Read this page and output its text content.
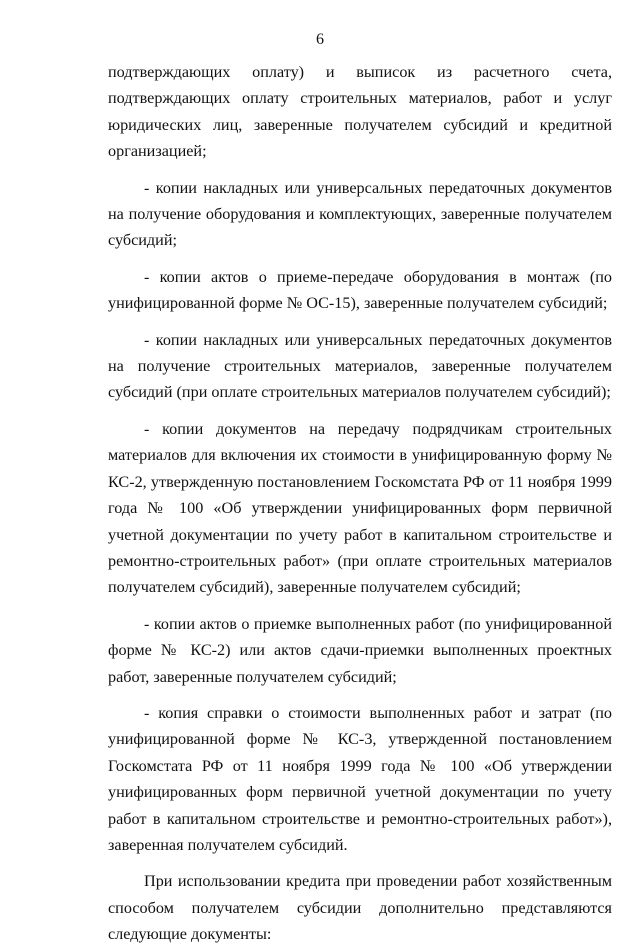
6

подтверждающих оплату) и выписок из расчетного счета, подтверждающих оплату строительных материалов, работ и услуг юридических лиц, заверенные получателем субсидий и кредитной организацией;

- копии накладных или универсальных передаточных документов на получение оборудования и комплектующих, заверенные получателем субсидий;

- копии актов о приеме-передаче оборудования в монтаж (по унифицированной форме № ОС-15), заверенные получателем субсидий;

- копии накладных или универсальных передаточных документов на получение строительных материалов, заверенные получателем субсидий (при оплате строительных материалов получателем субсидий);

- копии документов на передачу подрядчикам строительных материалов для включения их стоимости в унифицированную форму № КС-2, утвержденную постановлением Госкомстата РФ от 11 ноября 1999 года № 100 «Об утверждении унифицированных форм первичной учетной документации по учету работ в капитальном строительстве и ремонтно-строительных работ» (при оплате строительных материалов получателем субсидий), заверенные получателем субсидий;

- копии актов о приемке выполненных работ (по унифицированной форме № КС-2) или актов сдачи-приемки выполненных проектных работ, заверенные получателем субсидий;

- копия справки о стоимости выполненных работ и затрат (по унифицированной форме № КС-3, утвержденной постановлением Госкомстата РФ от 11 ноября 1999 года № 100 «Об утверждении унифицированных форм первичной учетной документации по учету работ в капитальном строительстве и ремонтно-строительных работ»), заверенная получателем субсидий.

При использовании кредита при проведении работ хозяйственным способом получателем субсидии дополнительно представляются следующие документы:
